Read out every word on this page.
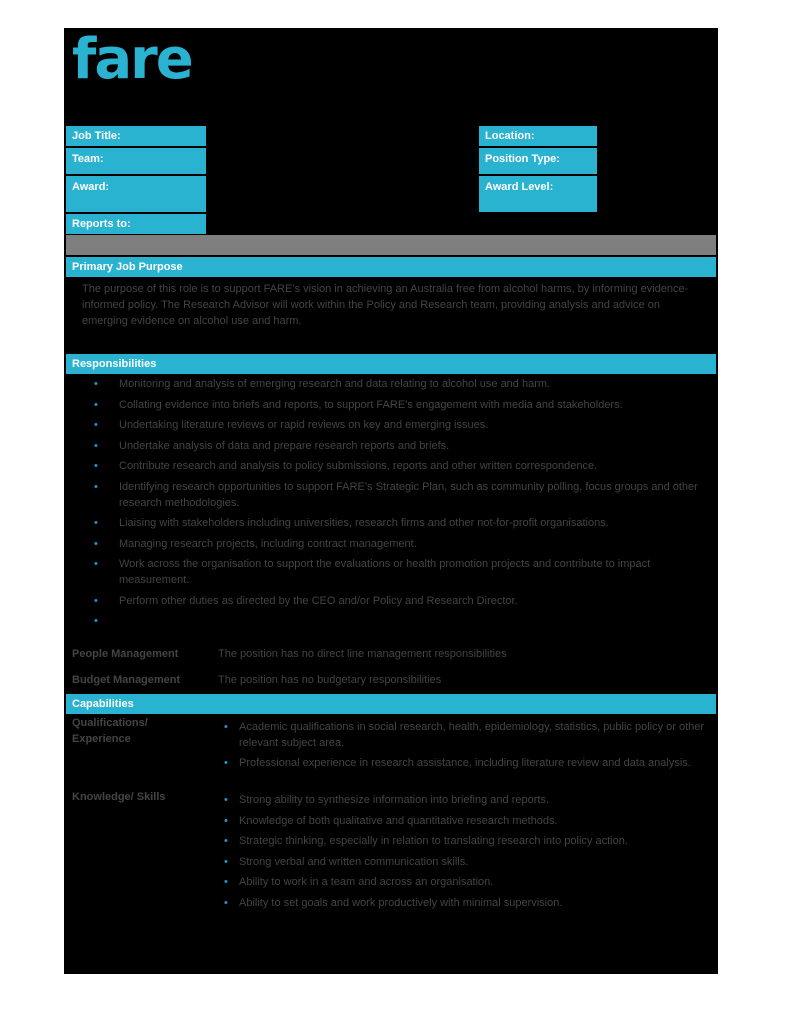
fare
Job Title:
Team:
Award:
Reports to:
Location:
Position Type:
Award Level:
Primary Job Purpose
The purpose of this role is to support FARE’s vision in achieving an Australia free from alcohol harms, by informing evidence-informed policy. The Research Advisor will work within the Policy and Research team, providing analysis and advice on emerging evidence on alcohol use and harm.
Responsibilities
• Monitoring and analysis of emerging research and data relating to alcohol use and harm.
• Collating evidence into briefs and reports, to support FARE’s engagement with media and stakeholders.
• Undertaking literature reviews or rapid reviews on key and emerging issues.
• Undertake analysis of data and prepare research reports and briefs.
• Contribute research and analysis to policy submissions, reports and other written correspondence.
• Identifying research opportunities to support FARE’s Strategic Plan, such as community polling, focus groups and other research methodologies.
• Liaising with stakeholders including universities, research firms and other not-for-profit organisations.
• Managing research projects, including contract management.
• Work across the organisation to support the evaluations or health promotion projects and contribute to impact measurement.
• Perform other duties as directed by the CEO and/or Policy and Research Director.
•

People Management	The position has no direct line management responsibilities
Budget Management	The position has no budgetary responsibilities
Capabilities
Qualifications/
Experience
• Academic qualifications in social research, health, epidemiology, statistics, public policy or other relevant subject area.
• Professional experience in research assistance, including literature review and data analysis.
Knowledge/ Skills	• Strong ability to synthesize information into briefing and reports.
• Knowledge of both qualitative and quantitative research methods.
• Strategic thinking, especially in relation to translating research into policy action.
• Strong verbal and written communication skills.
• Ability to work in a team and across an organisation.
• Ability to set goals and work productively with minimal supervision.
